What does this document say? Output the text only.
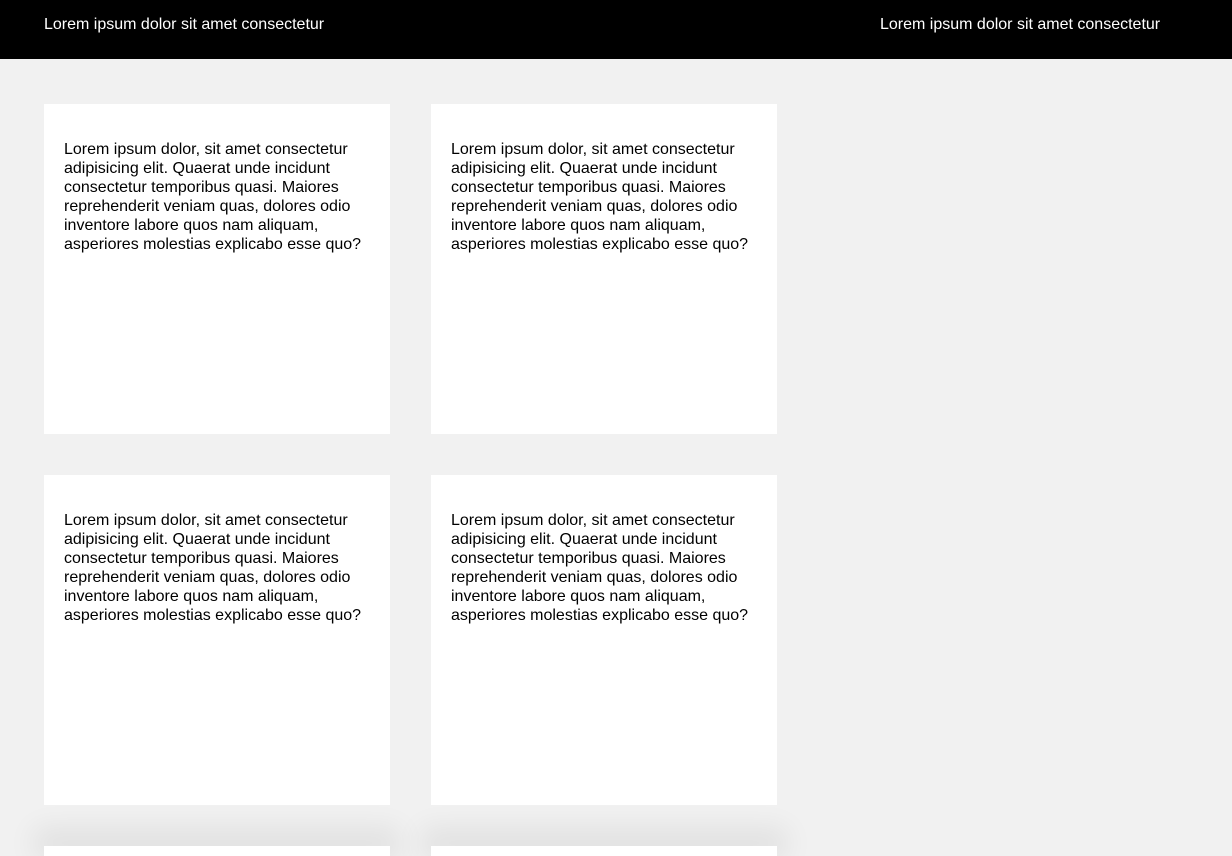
Lorem ipsum dolor sit amet consectetur	Lorem ipsum dolor sit amet consectetur

Lorem ipsum dolor, sit amet consectetur adipisicing elit. Quaerat unde incidunt consectetur temporibus quasi. Maiores reprehenderit veniam quas, dolores odio inventore labore quos nam aliquam, asperiores molestias explicabo esse quo?

Lorem ipsum dolor, sit amet consectetur adipisicing elit. Quaerat unde incidunt consectetur temporibus quasi. Maiores reprehenderit veniam quas, dolores odio inventore labore quos nam aliquam, asperiores molestias explicabo esse quo?

Lorem ipsum dolor, sit amet consectetur adipisicing elit. Quaerat unde incidunt consectetur temporibus quasi. Maiores reprehenderit veniam quas, dolores odio inventore labore quos nam aliquam, asperiores molestias explicabo esse quo?

Lorem ipsum dolor, sit amet consectetur adipisicing elit. Quaerat unde incidunt consectetur temporibus quasi. Maiores reprehenderit veniam quas, dolores odio inventore labore quos nam aliquam, asperiores molestias explicabo esse quo?
